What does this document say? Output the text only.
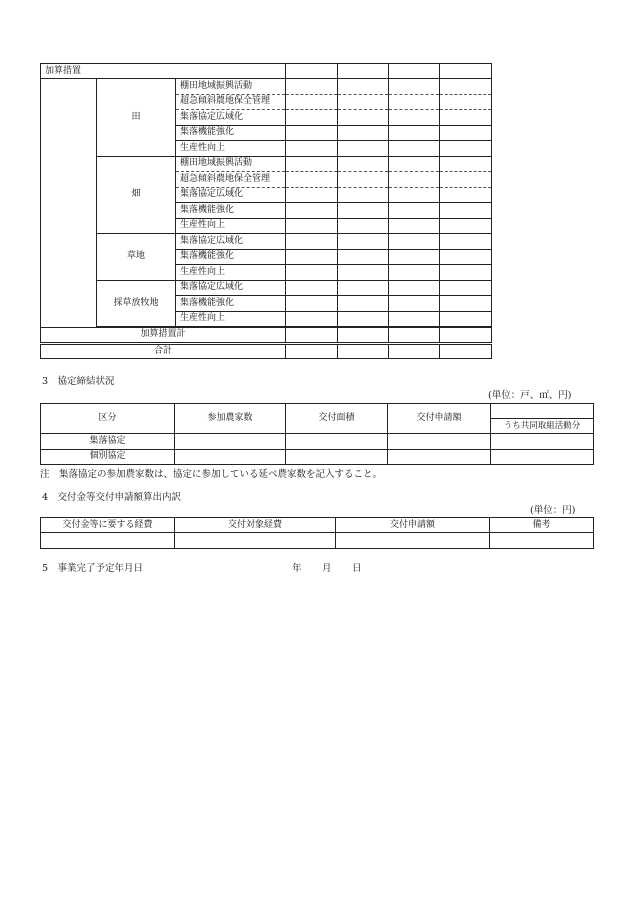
加算措置						
	田	棚田地域振興活動				
		超急傾斜農地保全管理				
		集落協定広域化				
		集落機能強化				
		生産性向上				
	畑	棚田地域振興活動				
		超急傾斜農地保全管理				
		集落協定広域化				
		集落機能強化				
		生産性向上				
	草地	集落協定広域化				
		集落機能強化				
		生産性向上				
	採草放牧地	集落協定広域化				
		集落機能強化				
		生産性向上				

加算措置計						
合計						
3　協定締結状況
(単位：戸、㎡、円)
区分	参加農家数	交付面積	交付申請額	
				うち共同取組活動分
集落協定				
個別協定				
注　集落協定の参加農家数は、協定に参加している延べ農家数を記入すること。
4　交付金等交付申請額算出内訳
(単位：円)
交付金等に要する経費	交付対象経費	交付申請額	備考

5　事業完了予定年月日	年 月 日
